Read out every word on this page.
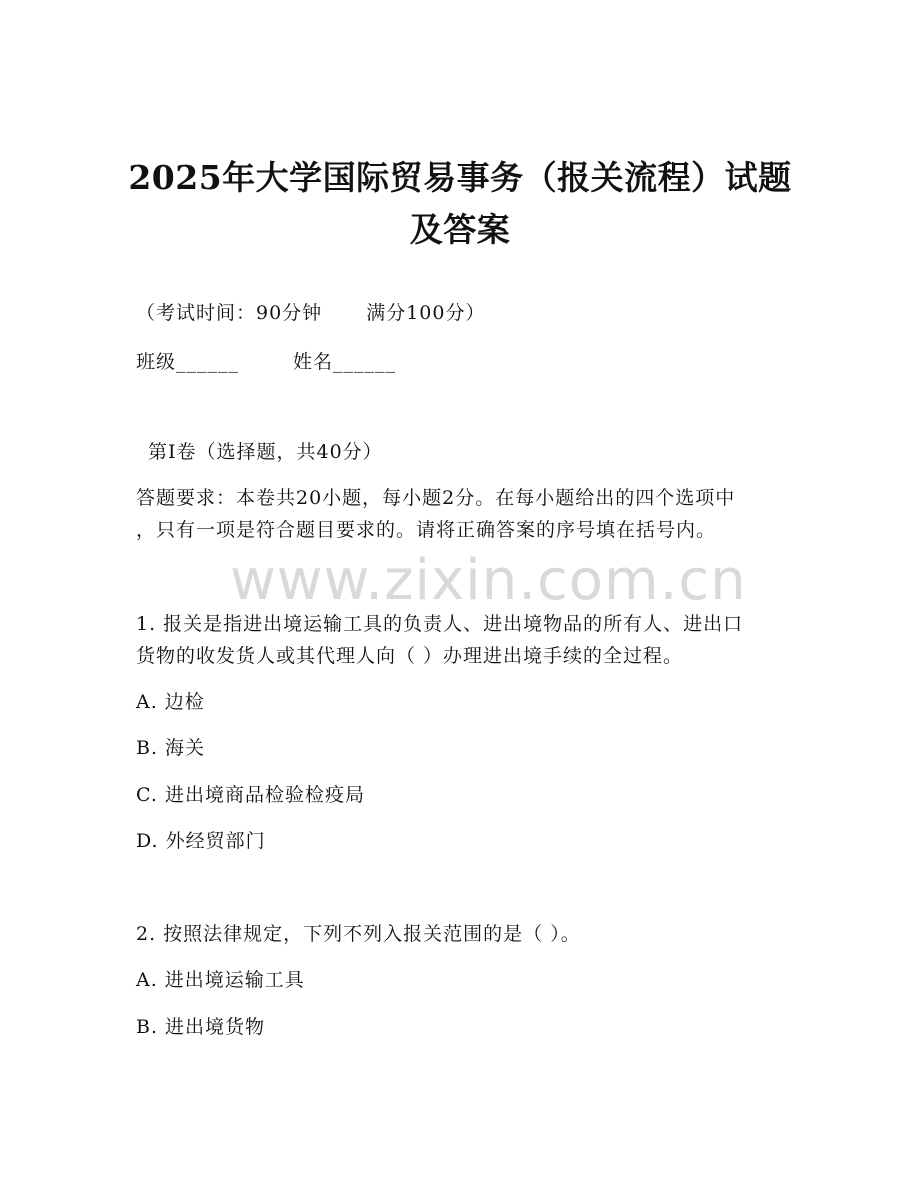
www.zixin.com.cn
2025年大学国际贸易事务（报关流程）试题
及答案
（考试时间：90分钟 满分100分）
班级______	姓名______
第I卷（选择题，共40分）
答题要求：本卷共20小题，每小题2分。在每小题给出的四个选项中
，只有一项是符合题目要求的。请将正确答案的序号填在括号内。
1. 报关是指进出境运输工具的负责人、进出境物品的所有人、进出口
货物的收发货人或其代理人向（ ）办理进出境手续的全过程。
A. 边检
B. 海关
C. 进出境商品检验检疫局
D. 外经贸部门
2. 按照法律规定，下列不列入报关范围的是（ ）。
A. 进出境运输工具
B. 进出境货物
